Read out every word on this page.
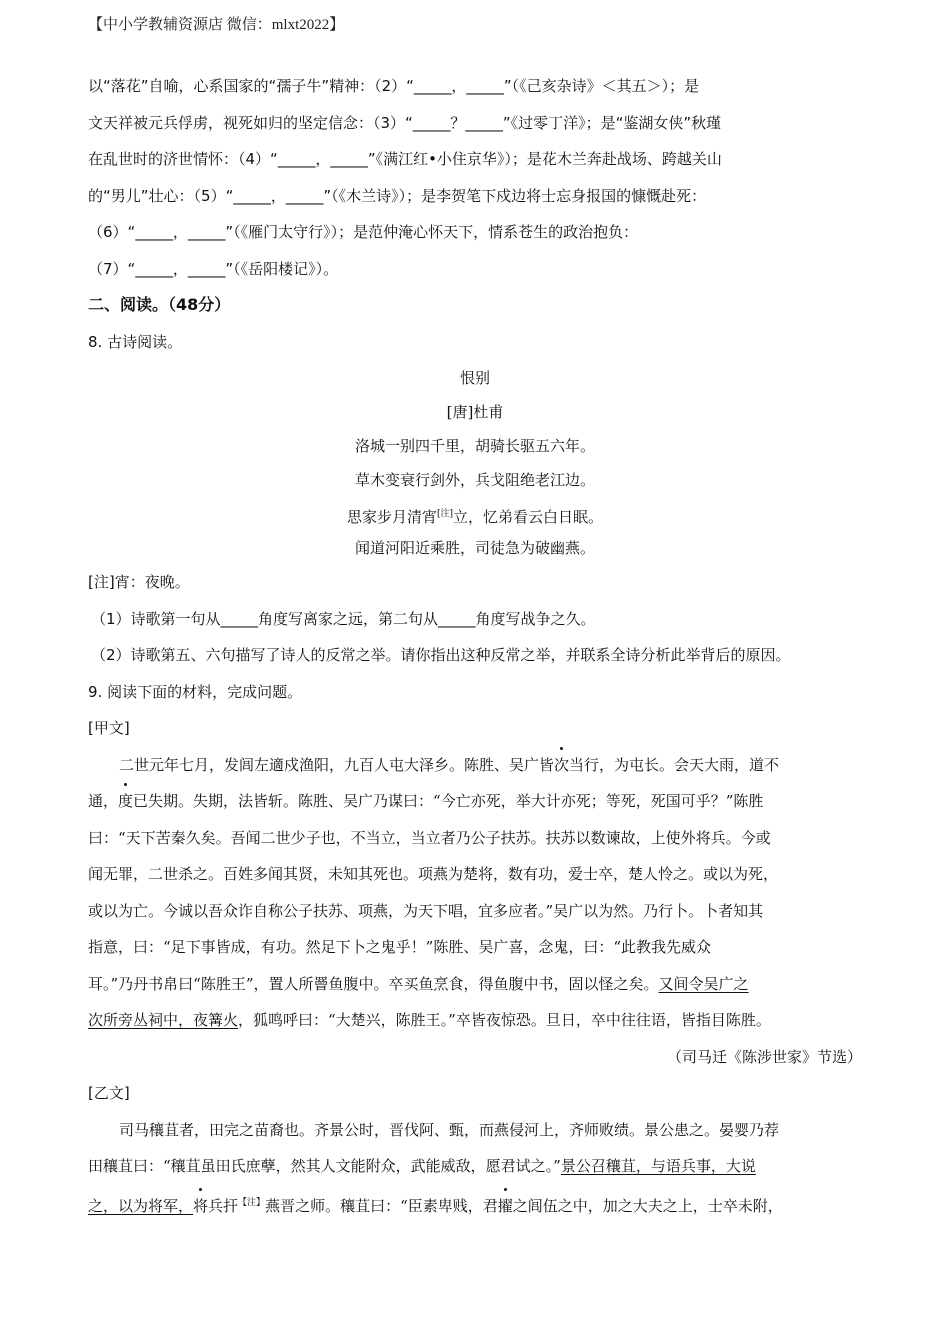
【中小学教辅资源店 微信：mlxt2022】
以“落花”自喻，心系国家的“孺子牛”精神：（2）“_____，_____”（《己亥杂诗》＜其五＞）；是
文天祥被元兵俘虏，视死如归的坚定信念：（3）“_____？_____”《过零丁洋》；是“鉴湖女侠”秋瑾
在乱世时的济世情怀：（4）“_____，_____”《满江红•小住京华》）；是花木兰奔赴战场、跨越关山
的“男儿”壮心：（5）“_____，_____”（《木兰诗》）；是李贺笔下戍边将士忘身报国的慷慨赴死：
（6）“_____，_____”（《雁门太守行》）；是范仲淹心怀天下，情系苍生的政治抱负：
（7）“_____，_____”（《岳阳楼记》）。
二、阅读。（48分）
8. 古诗阅读。
恨别
[唐]杜甫
洛城一别四千里，胡骑长驱五六年。
草木变衰行剑外，兵戈阻绝老江边。
思家步月清宵[注]立，忆弟看云白日眠。
闻道河阳近乘胜，司徒急为破幽燕。
[注]宵：夜晚。
（1）诗歌第一句从_____角度写离家之远，第二句从_____角度写战争之久。
（2）诗歌第五、六句描写了诗人的反常之举。请你指出这种反常之举，并联系全诗分析此举背后的原因。
9. 阅读下面的材料，完成问题。
[甲文]
二世元年七月，发闾左適戍渔阳，九百人屯大泽乡。陈胜、吴广皆次当行，为屯长。会天大雨，道不
通，度已失期。失期，法皆斩。陈胜、吴广乃谋曰：“今亡亦死，举大计亦死；等死，死国可乎？”陈胜
曰：“天下苦秦久矣。吾闻二世少子也，不当立，当立者乃公子扶苏。扶苏以数谏故，上使外将兵。今或
闻无罪，二世杀之。百姓多闻其贤，未知其死也。项燕为楚将，数有功，爱士卒，楚人怜之。或以为死，
或以为亡。今诚以吾众诈自称公子扶苏、项燕，为天下唱，宜多应者。”吴广以为然。乃行卜。卜者知其
指意，曰：“足下事皆成，有功。然足下卜之鬼乎！”陈胜、吴广喜，念鬼，曰：“此教我先威众
耳。”乃丹书帛曰“陈胜王”，置人所罾鱼腹中。卒买鱼烹食，得鱼腹中书，固以怪之矣。又间令吴广之
次所旁丛祠中，夜篝火，狐鸣呼曰：“大楚兴，陈胜王。”卒皆夜惊恐。旦日，卒中往往语，皆指目陈胜。
（司马迁《陈涉世家》节选）
[乙文]
司马穰苴者，田完之苗裔也。齐景公时，晋伐阿、甄，而燕侵河上，齐师败绩。景公患之。晏婴乃荐
田穰苴曰：“穰苴虽田氏庶孽，然其人文能附众，武能威敌，愿君试之。”景公召穰苴，与语兵事，大说
之，以为将军，将兵扞$^{【注】}$燕晋之师。穰苴曰：“臣素卑贱，君擢之闾伍之中，加之大夫之上，士卒未附，
